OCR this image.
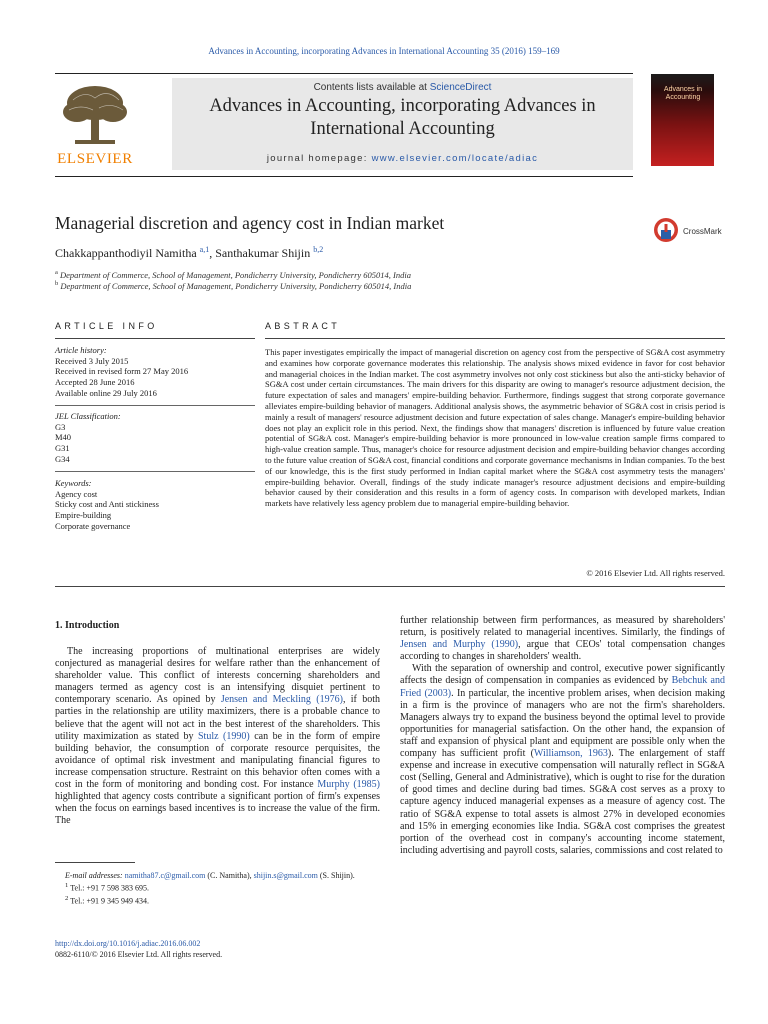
Advances in Accounting, incorporating Advances in International Accounting 35 (2016) 159–169
ELSEVIER
Contents lists available at ScienceDirect
Advances in Accounting, incorporating Advances in
International Accounting
journal homepage: www.elsevier.com/locate/adiac
Advances in Accounting
Managerial discretion and agency cost in Indian market	CrossMark
Chakkappanthodiyil Namitha $^{a,1}$, Santhakumar Shijin $^{b,2}$
$^a$ Department of Commerce, School of Management, Pondicherry University, Pondicherry 605014, India
$^b$ Department of Commerce, School of Management, Pondicherry University, Pondicherry 605014, India
ARTICLE INFO	ABSTRACT
Article history:
Received 3 July 2015
Received in revised form 27 May 2016
Accepted 28 June 2016
Available online 29 July 2016
JEL Classification:
G3
M40
G31
G34
Keywords:
Agency cost
Sticky cost and Anti stickiness
Empire-building
Corporate governance
This paper investigates empirically the impact of managerial discretion on agency cost from the perspective of SG&A cost asymmetry and examines how corporate governance moderates this relationship. The analysis shows mixed evidence in favor for cost behavior and managerial choices in the Indian market. The cost asymmetry involves not only cost stickiness but also the anti-sticky behavior of SG&A cost under certain circumstances. The main drivers for this disparity are owing to manager's resource adjustment decision, the future expectation of sales and managers' empire-building behavior. Furthermore, findings suggest that strong corporate governance alleviates empire-building behavior of managers. Additional analysis shows, the asymmetric behavior of SG&A cost in crisis period is mainly a result of managers' resource adjustment decision and future expectation of sales change. Manager's empire-building behavior does not play an explicit role in this period. Next, the findings show that managers' discretion is influenced by future value creation potential of SG&A cost. Manager's empire-building behavior is more pronounced in low-value creation sample firms compared to high-value creation sample. Thus, manager's choice for resource adjustment decision and empire-building behavior changes according to the future value creation of SG&A cost, financial conditions and corporate governance mechanisms in Indian companies. To the best of our knowledge, this is the first study performed in Indian capital market where the SG&A cost asymmetry tests the managers' empire-building behavior. Overall, findings of the study indicate manager's resource adjustment decisions and empire-building behavior caused by their consideration and this results in a form of agency costs. In comparison with developed markets, Indian markets have relatively less agency problem due to managerial empire-building behavior.
© 2016 Elsevier Ltd. All rights reserved.
1. Introduction

The increasing proportions of multinational enterprises are widely conjectured as managerial desires for welfare rather than the enhancement of shareholder value. This conflict of interests concerning shareholders and managers termed as agency cost is an intensifying disquiet pertinent to contemporary scenario. As opined by Jensen and Meckling (1976), if both parties in the relationship are utility maximizers, there is a probable chance to believe that the agent will not act in the best interest of the shareholders. This utility maximization as stated by Stulz (1990) can be in the form of empire building behavior, the consumption of corporate resource perquisites, the avoidance of optimal risk investment and manipulating financial figures to increase compensation structure. Restraint on this behavior often comes with a cost in the form of monitoring and bonding cost. For instance Murphy (1985) highlighted that agency costs contribute a significant portion of firm's expenses when the focus on earnings based incentives is to increase the value of the firm. The

further relationship between firm performances, as measured by shareholders' return, is positively related to managerial incentives. Similarly, the findings of Jensen and Murphy (1990), argue that CEOs' total compensation changes according to changes in shareholders' wealth.

With the separation of ownership and control, executive power significantly affects the design of compensation in companies as evidenced by Bebchuk and Fried (2003). In particular, the incentive problem arises, when decision making in a firm is the province of managers who are not the firm's shareholders. Managers always try to expand the business beyond the optimal level to provide opportunities for managerial satisfaction. On the other hand, the expansion of staff and expansion of physical plant and equipment are possible only when the company has sufficient profit (Williamson, 1963). The enlargement of staff expense and increase in executive compensation will naturally reflect in SG&A cost (Selling, General and Administrative), which is ought to rise for the duration of good times and decline during bad times. SG&A cost serves as a proxy to capture agency induced managerial expenses as a measure of agency cost. The ratio of SG&A expense to total assets is almost 27% in developed economies and 15% in emerging economies like India. SG&A cost comprises the greatest portion of the overhead cost in company's accounting income statement, including advertising and payroll costs, salaries, commissions and cost related to

E-mail addresses: namitha87.c@gmail.com (C. Namitha), shijin.s@gmail.com (S. Shijin).

$^1$ Tel.: +91 7 598 383 695.

$^2$ Tel.: +91 9 345 949 434.

http://dx.doi.org/10.1016/j.adiac.2016.06.002
0882-6110/© 2016 Elsevier Ltd. All rights reserved.
